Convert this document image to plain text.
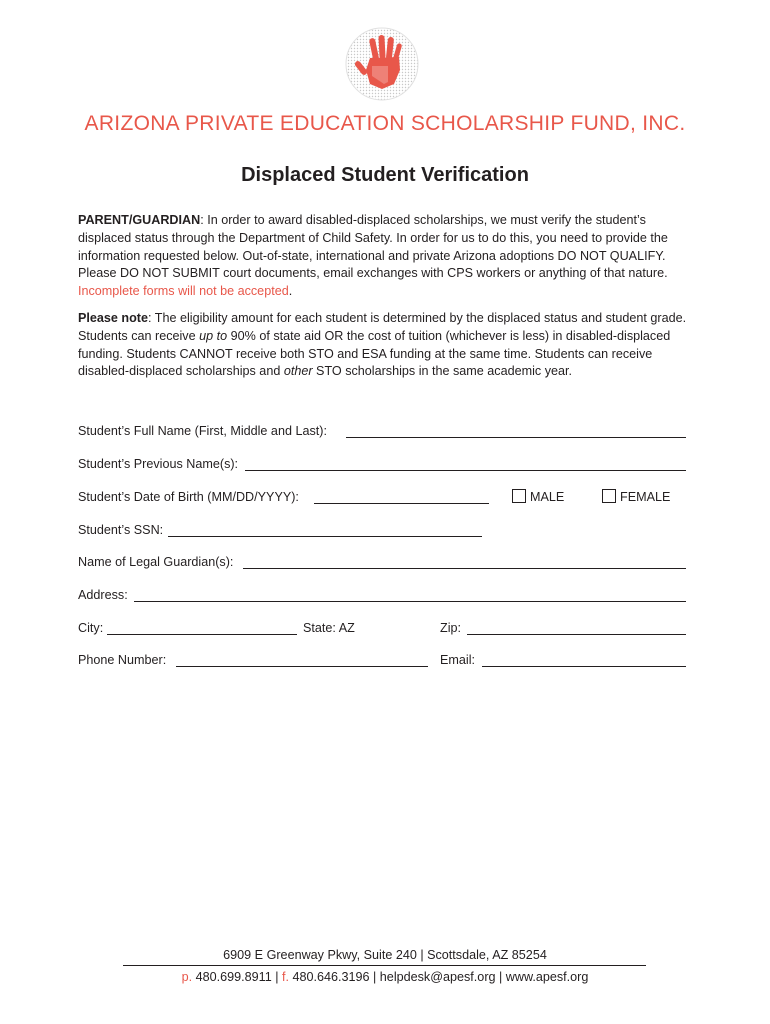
ARIZONA PRIVATE EDUCATION SCHOLARSHIP FUND, INC.
Displaced Student Verification
PARENT/GUARDIAN: In order to award disabled-displaced scholarships, we must verify the student’s displaced status through the Department of Child Safety. In order for us to do this, you need to provide the information requested below. Out-of-state, international and private Arizona adoptions DO NOT QUALIFY. Please DO NOT SUBMIT court documents, email exchanges with CPS workers or anything of that nature. Incomplete forms will not be accepted.
Please note: The eligibility amount for each student is determined by the displaced status and student grade. Students can receive up to 90% of state aid OR the cost of tuition (whichever is less) in disabled-displaced funding. Students CANNOT receive both STO and ESA funding at the same time. Students can receive disabled-displaced scholarships and other STO scholarships in the same academic year.
Student’s Full Name (First, Middle and Last):
Student’s Previous Name(s):
Student’s Date of Birth (MM/DD/YYYY):	MALE	FEMALE
Student’s SSN:
Name of Legal Guardian(s):
Address:
City:	State: AZ	Zip:
Phone Number:	Email:
6909 E Greenway Pkwy, Suite 240 | Scottsdale, AZ 85254
p. 480.699.8911 | f. 480.646.3196 | helpdesk@apesf.org | www.apesf.org
